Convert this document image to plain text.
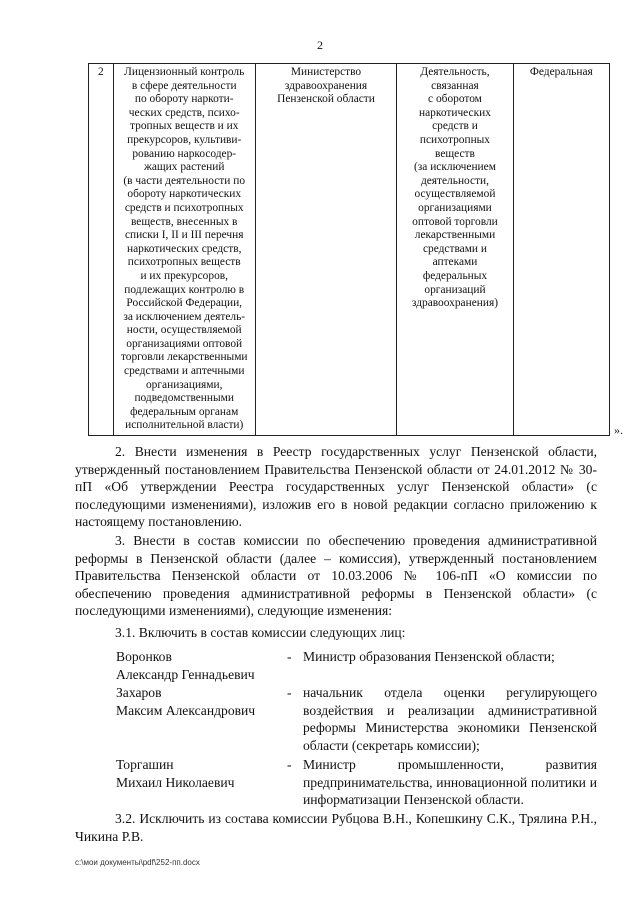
2
2	Лицензионный контроль
в сфере деятельности
по обороту наркоти-
ческих средств, психо-
тропных веществ и их
прекурсоров, культиви-
рованию наркосодер-
жащих растений
(в части деятельности по
обороту наркотических
средств и психотропных
веществ, внесенных в
списки I, II и III перечня
наркотических средств,
психотропных веществ
и их прекурсоров,
подлежащих контролю в
Российской Федерации,
за исключением деятель-
ности, осуществляемой
организациями оптовой
торговли лекарственными
средствами и аптечными
организациями,
подведомственными
федеральным органам
исполнительной власти)	Министерство
здравоохранения
Пензенской области	Деятельность,
связанная
с оборотом
наркотических
средств и
психотропных
веществ
(за исключением
деятельности,
осуществляемой
организациями
оптовой торговли
лекарственными
средствами и
аптеками
федеральных
организаций
здравоохранения)	Федеральная
».
2. Внести изменения в Реестр государственных услуг Пензенской области, утвержденный постановлением Правительства Пензенской области от 24.01.2012 № 30-пП «Об утверждении Реестра государственных услуг Пензенской области» (с последующими изменениями), изложив его в новой редакции согласно приложению к настоящему постановлению.
3. Внести в состав комиссии по обеспечению проведения административной реформы в Пензенской области (далее – комиссия), утвержденный постановлением Правительства Пензенской области от 10.03.2006 № 106-пП «О комиссии по обеспечению проведения административной реформы в Пензенской области» (с последующими изменениями), следующие изменения:
3.1. Включить в состав комиссии следующих лиц:
Воронков
Александр Геннадьевич
- Министр образования Пензенской области;
Захаров
Максим Александрович
- начальник отдела оценки регулирующего воздействия и реализации административной реформы Министерства экономики Пензенской области (секретарь комиссии);
Торгашин
Михаил Николаевич
- Министр промышленности, развития предпринимательства, инновационной политики и информатизации Пензенской области.
3.2. Исключить из состава комиссии Рубцова В.Н., Копешкину С.К., Трялина Р.Н., Чикина Р.В.
c:\мои документы\pdf\252-пп.docx
